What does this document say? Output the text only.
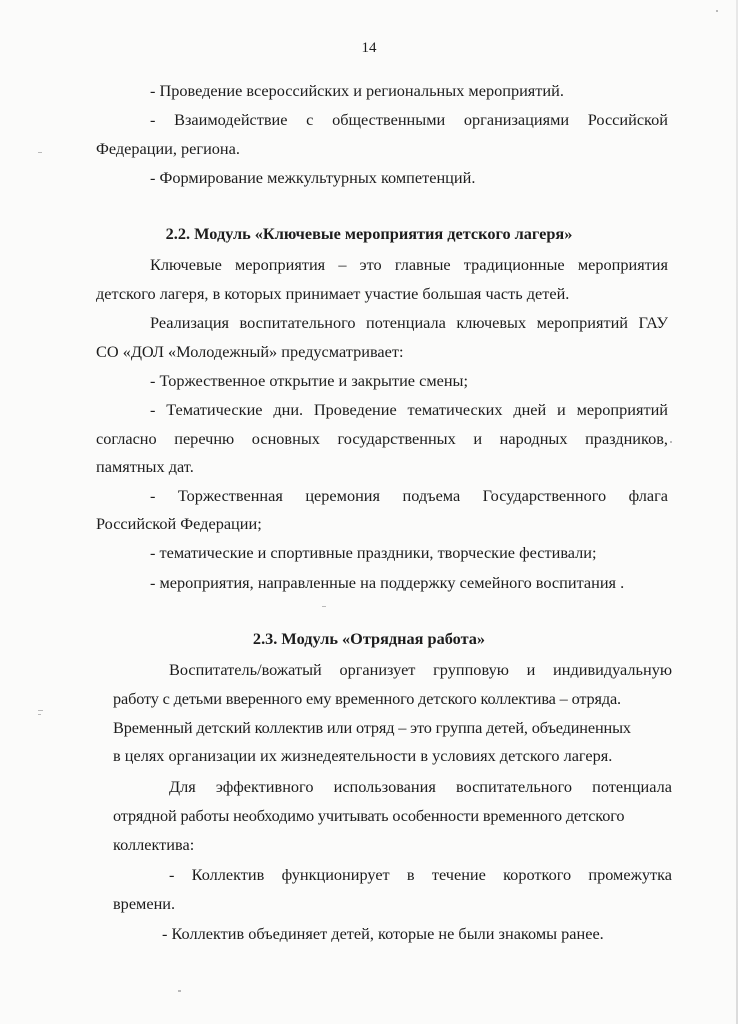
14
- Проведение всероссийских и региональных мероприятий.
- Взаимодействие с общественными организациями Российской
Федерации, региона.
- Формирование межкультурных компетенций.
2.2. Модуль «Ключевые мероприятия детского лагеря»
Ключевые мероприятия – это главные традиционные мероприятия
детского лагеря, в которых принимает участие большая часть детей.
Реализация воспитательного потенциала ключевых мероприятий ГАУ
СО «ДОЛ «Молодежный» предусматривает:
- Торжественное открытие и закрытие смены;
- Тематические дни. Проведение тематических дней и мероприятий
согласно перечню основных государственных и народных праздников,
памятных дат.
- Торжественная церемония подъема Государственного флага
Российской Федерации;
- тематические и спортивные праздники, творческие фестивали;
- мероприятия, направленные на поддержку семейного воспитания .
2.3. Модуль «Отрядная работа»
Воспитатель/вожатый организует групповую и индивидуальную
работу с детьми вверенного ему временного детского коллектива – отряда.
Временный детский коллектив или отряд – это группа детей, объединенных
в целях организации их жизнедеятельности в условиях детского лагеря.
Для эффективного использования воспитательного потенциала
отрядной работы необходимо учитывать особенности временного детского
коллектива:
- Коллектив функционирует в течение короткого промежутка
времени.
- Коллектив объединяет детей, которые не были знакомы ранее.
